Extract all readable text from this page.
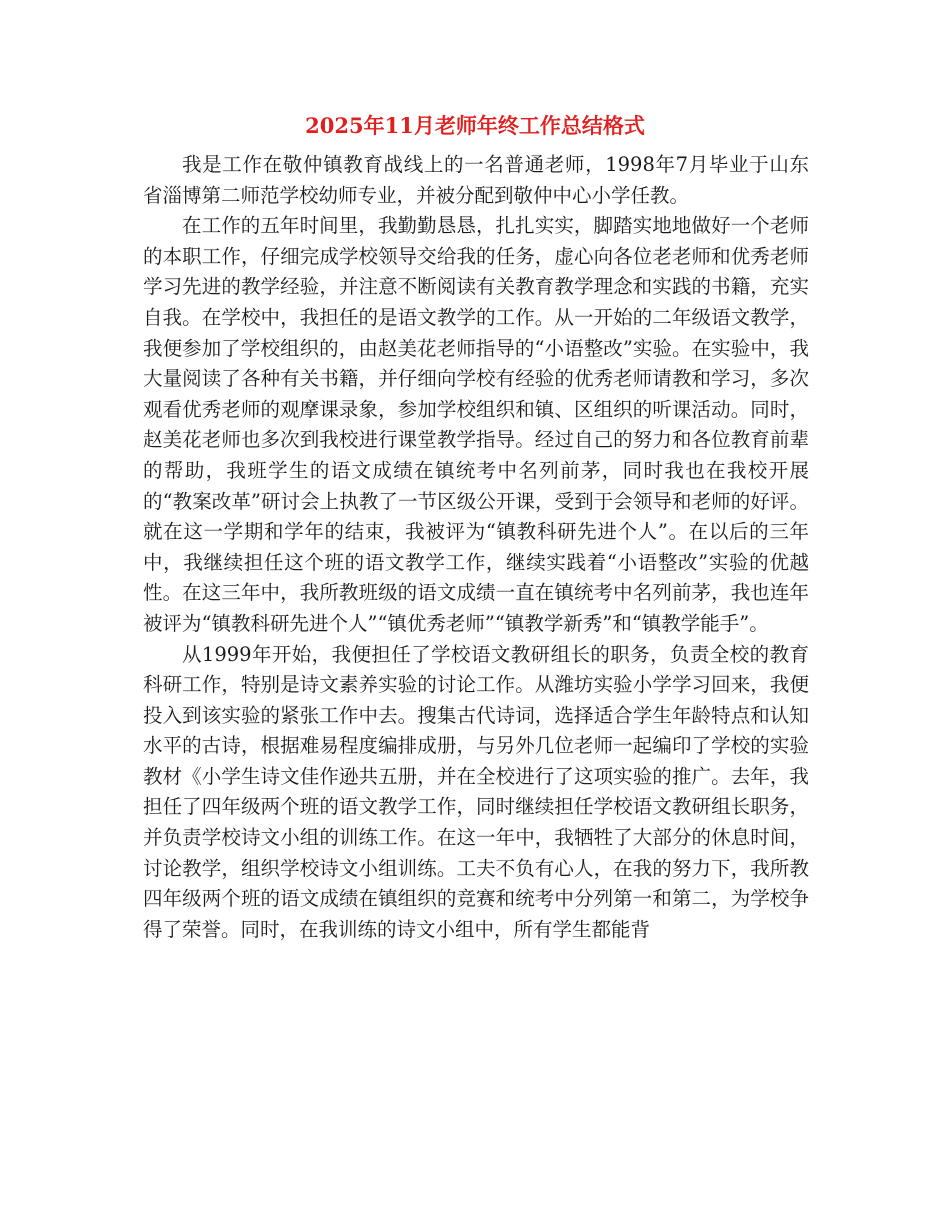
2025年11月老师年终工作总结格式

我是工作在敬仲镇教育战线上的一名普通老师，1998年7月毕业于山东省淄博第二师范学校幼师专业，并被分配到敬仲中心小学任教。

在工作的五年时间里，我勤勤恳恳，扎扎实实，脚踏实地地做好一个老师的本职工作，仔细完成学校领导交给我的任务，虚心向各位老老师和优秀老师学习先进的教学经验，并注意不断阅读有关教育教学理念和实践的书籍，充实自我。在学校中，我担任的是语文教学的工作。从一开始的二年级语文教学，我便参加了学校组织的，由赵美花老师指导的“小语整改”实验。在实验中，我大量阅读了各种有关书籍，并仔细向学校有经验的优秀老师请教和学习，多次观看优秀老师的观摩课录象，参加学校组织和镇、区组织的听课活动。同时，赵美花老师也多次到我校进行课堂教学指导。经过自己的努力和各位教育前辈的帮助，我班学生的语文成绩在镇统考中名列前茅，同时我也在我校开展的“教案改革”研讨会上执教了一节区级公开课，受到于会领导和老师的好评。就在这一学期和学年的结束，我被评为“镇教科研先进个人”。在以后的三年中，我继续担任这个班的语文教学工作，继续实践着“小语整改”实验的优越性。在这三年中，我所教班级的语文成绩一直在镇统考中名列前茅，我也连年被评为“镇教科研先进个人”“镇优秀老师”“镇教学新秀”和“镇教学能手”。

从1999年开始，我便担任了学校语文教研组长的职务，负责全校的教育科研工作，特别是诗文素养实验的讨论工作。从潍坊实验小学学习回来，我便投入到该实验的紧张工作中去。搜集古代诗词，选择适合学生年龄特点和认知水平的古诗，根据难易程度编排成册，与另外几位老师一起编印了学校的实验教材《小学生诗文佳作逊共五册，并在全校进行了这项实验的推广。去年，我担任了四年级两个班的语文教学工作，同时继续担任学校语文教研组长职务，并负责学校诗文小组的训练工作。在这一年中，我牺牲了大部分的休息时间，讨论教学，组织学校诗文小组训练。工夫不负有心人，在我的努力下，我所教四年级两个班的语文成绩在镇组织的竞赛和统考中分列第一和第二，为学校争得了荣誉。同时，在我训练的诗文小组中，所有学生都能背
